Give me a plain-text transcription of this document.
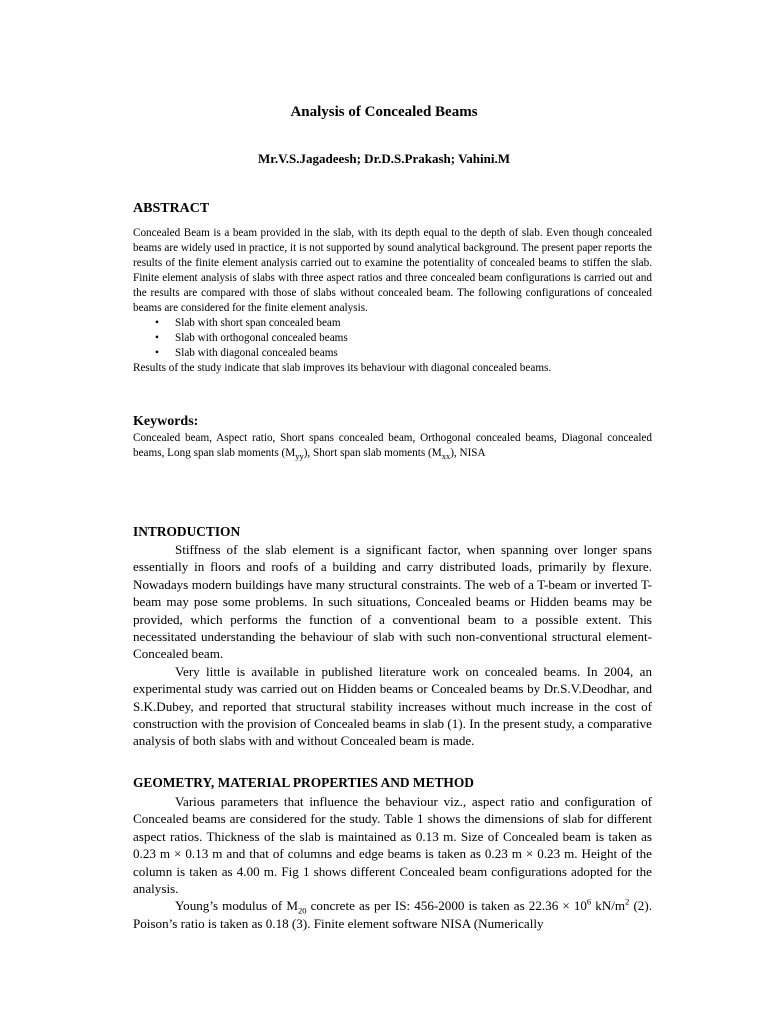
Analysis of Concealed Beams
Mr.V.S.Jagadeesh; Dr.D.S.Prakash; Vahini.M
ABSTRACT

Concealed Beam is a beam provided in the slab, with its depth equal to the depth of slab. Even though concealed beams are widely used in practice, it is not supported by sound analytical background. The present paper reports the results of the finite element analysis carried out to examine the potentiality of concealed beams to stiffen the slab. Finite element analysis of slabs with three aspect ratios and three concealed beam configurations is carried out and the results are compared with those of slabs without concealed beam. The following configurations of concealed beams are considered for the finite element analysis.

• Slab with short span concealed beam
• Slab with orthogonal concealed beams
• Slab with diagonal concealed beams

Results of the study indicate that slab improves its behaviour with diagonal concealed beams.

Keywords:

Concealed beam, Aspect ratio, Short spans concealed beam, Orthogonal concealed beams, Diagonal concealed beams, Long span slab moments $(M_{yy})$, Short span slab moments $(M_{xx})$, NISA

INTRODUCTION

Stiffness of the slab element is a significant factor, when spanning over longer spans essentially in floors and roofs of a building and carry distributed loads, primarily by flexure. Nowadays modern buildings have many structural constraints. The web of a T-beam or inverted T-beam may pose some problems. In such situations, Concealed beams or Hidden beams may be provided, which performs the function of a conventional beam to a possible extent. This necessitated understanding the behaviour of slab with such non-conventional structural element-Concealed beam.

Very little is available in published literature work on concealed beams. In 2004, an experimental study was carried out on Hidden beams or Concealed beams by Dr.S.V.Deodhar, and S.K.Dubey, and reported that structural stability increases without much increase in the cost of construction with the provision of Concealed beams in slab (1). In the present study, a comparative analysis of both slabs with and without Concealed beam is made.

GEOMETRY, MATERIAL PROPERTIES AND METHOD

Various parameters that influence the behaviour viz., aspect ratio and configuration of Concealed beams are considered for the study. Table 1 shows the dimensions of slab for different aspect ratios. Thickness of the slab is maintained as 0.13 m. Size of Concealed beam is taken as 0.23 m × 0.13 m and that of columns and edge beams is taken as 0.23 m × 0.23 m. Height of the column is taken as 4.00 m. Fig 1 shows different Concealed beam configurations adopted for the analysis.

Young’s modulus of $M_{20}$ concrete as per IS: 456-2000 is taken as $22.36 \times 10^6$ $kN/m^2$ (2). Poison’s ratio is taken as 0.18 (3). Finite element software NISA (Numerically
